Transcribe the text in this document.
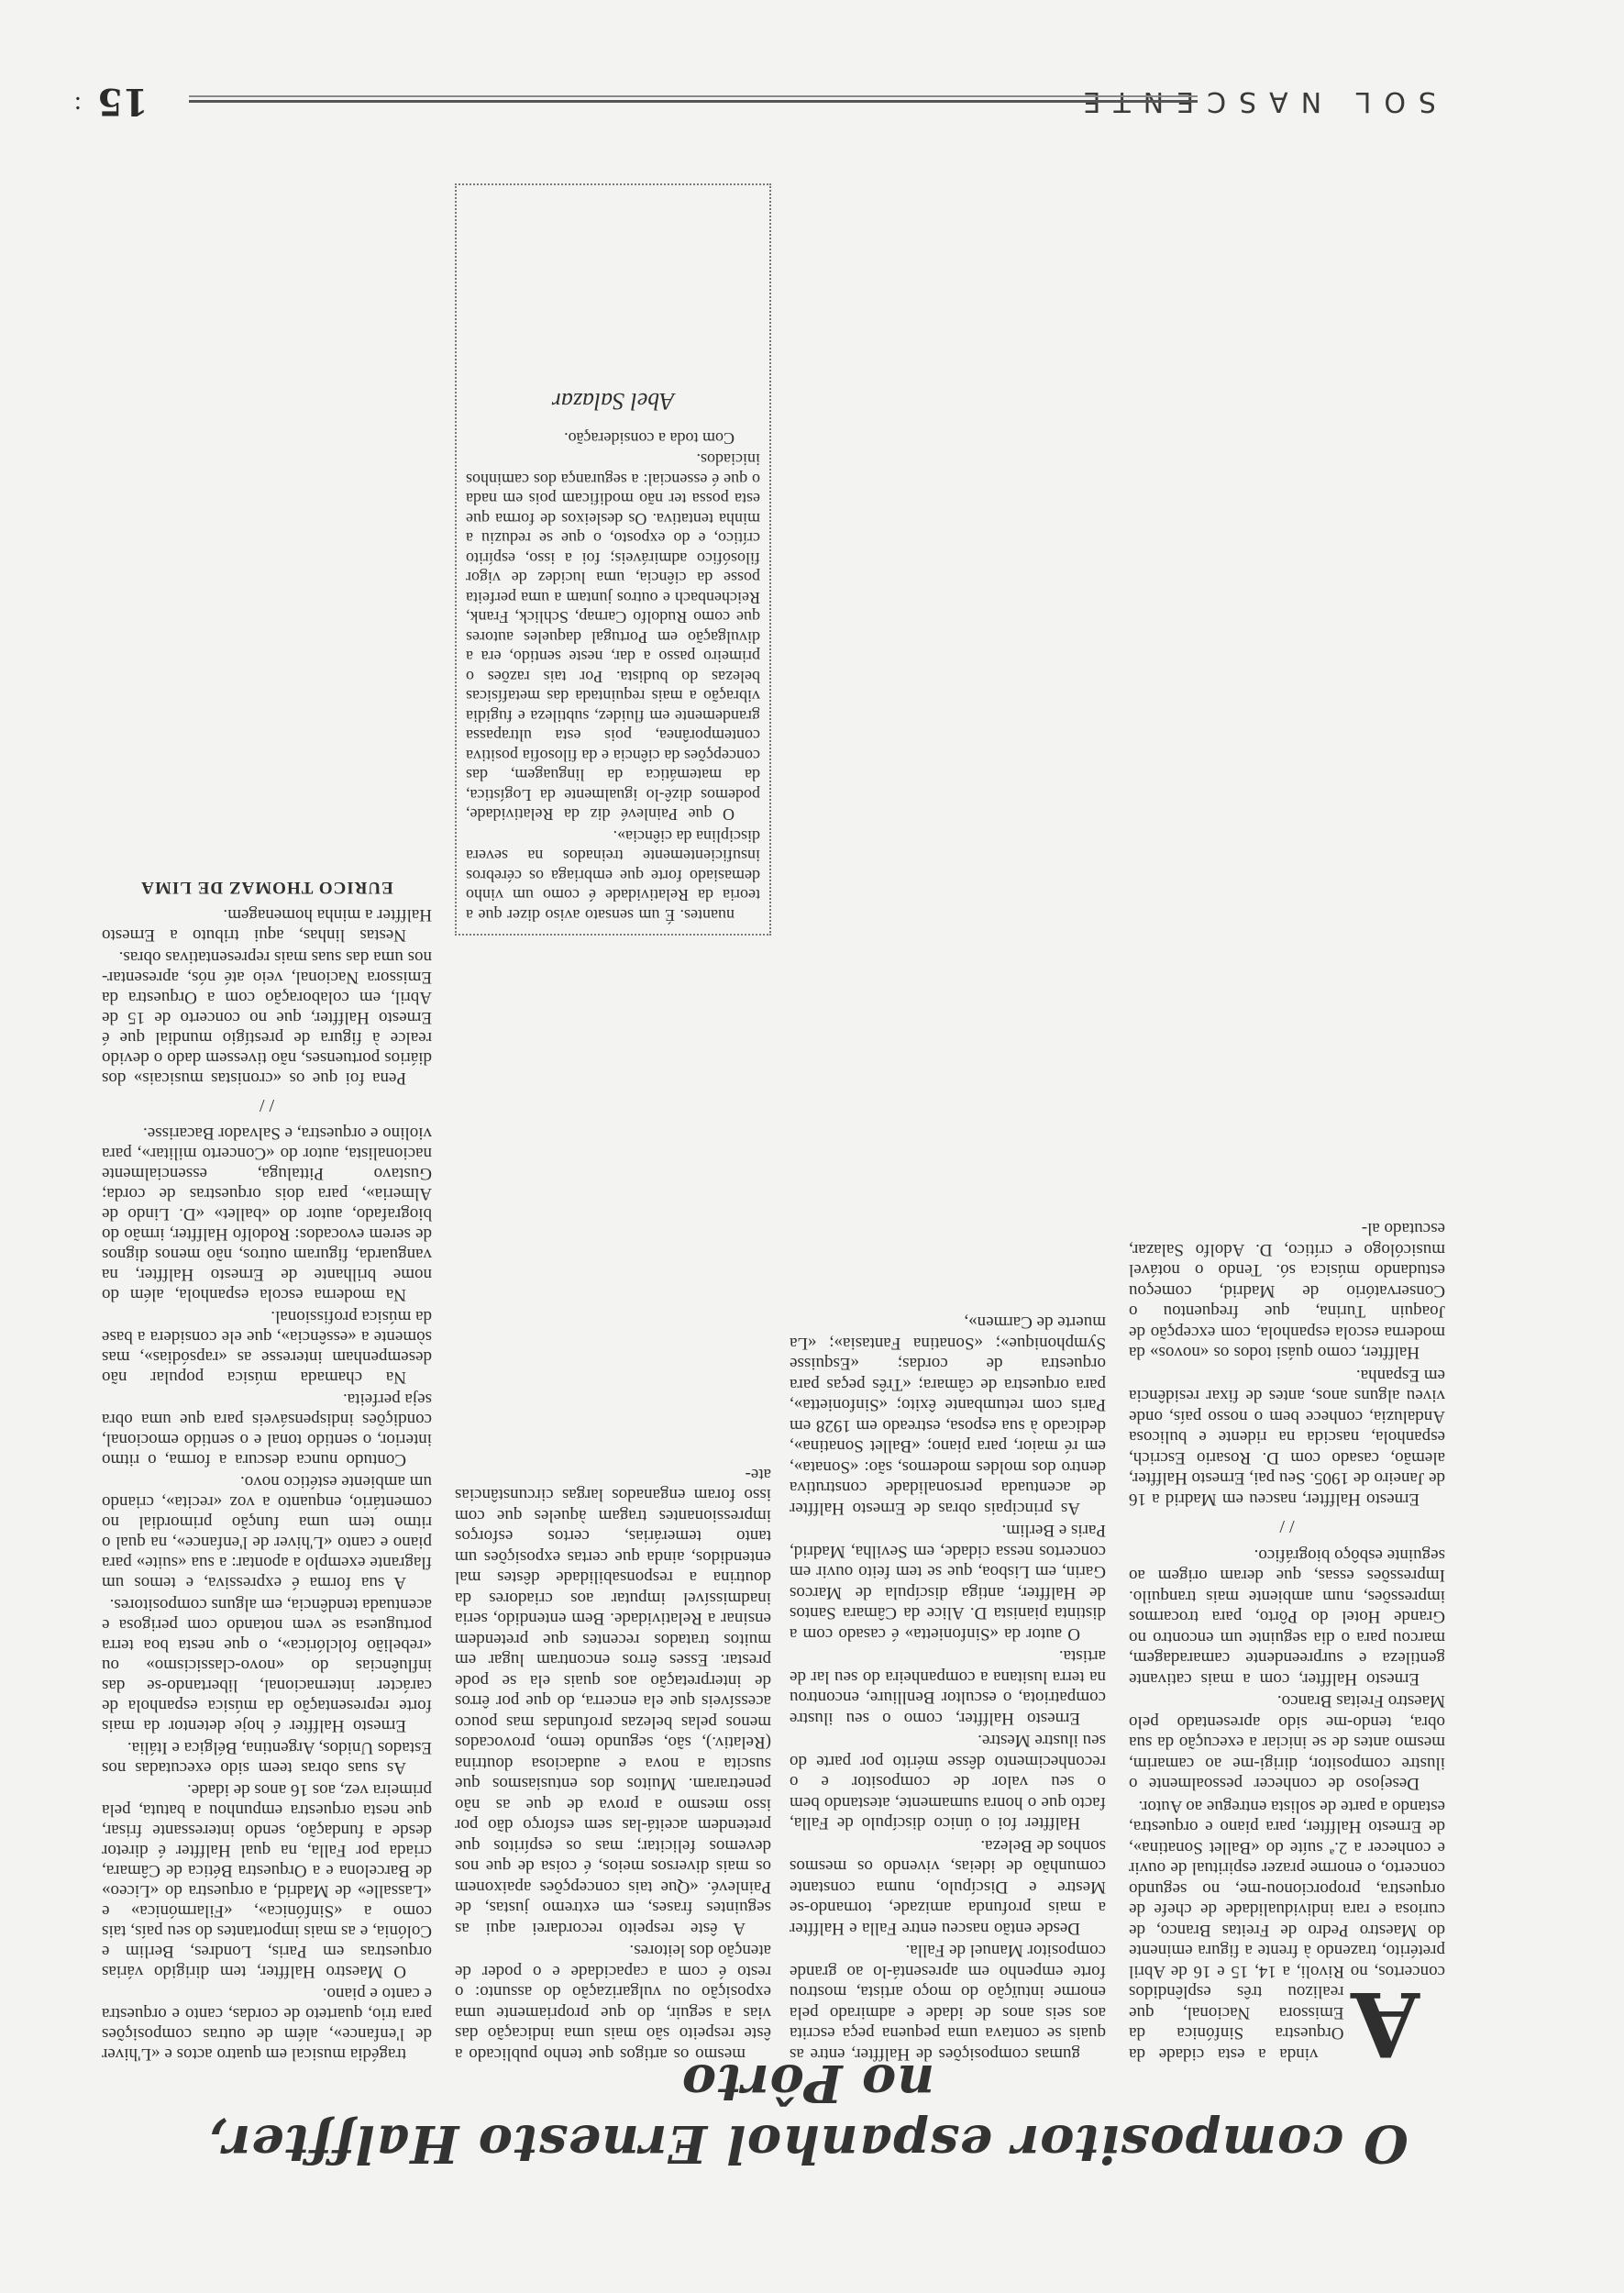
SOL NASCENTE
15
:
O compositor espanhol Ernesto Halffter, no Pôrto

A
vinda a esta cidade da Orquestra Sinfónica da Emissora Nacional, que realizou três esplêndidos concertos, no Rivoli, a 14, 15 e 16 de Abril pretérito, trazendo à frente a figura eminente do Maestro Pedro de Freitas Branco, de curiosa e rara individualidade de chefe de orquestra, proporcionou-me, no segundo concerto, o enorme prazer espiritual de ouvir e conhecer a 2.ª suíte do «Ballet Sonatina», de Ernesto Halffter, para piano e orquestra, estando a parte de solista entregue ao Autor.

Desejoso de conhecer pessoalmente o ilustre compositor, dirigi-me ao camarim, mesmo antes de se iniciar a execução da sua obra, tendo-me sido apresentado pelo Maestro Freitas Branco.

Ernesto Halffter, com a mais cativante gentileza e surpreendente camaradagem, marcou para o dia seguinte um encontro no Grande Hotel do Pôrto, para trocarmos impressões, num ambiente mais tranquilo. Impressões essas, que deram origem ao seguinte esbôço biográfico.

/ /

Ernesto Halffter, nasceu em Madrid a 16 de Janeiro de 1905. Seu pai, Ernesto Halffter, alemão, casado com D. Rosario Escrich, espanhola, nascida na ridente e bulicosa Andaluzia, conhece bem o nosso país, onde viveu alguns anos, antes de fixar residência em Espanha.

Halffter, como quási todos os «novos» da moderna escola espanhola, com excepção de Joaquin Turina, que frequentou o Conservatório de Madrid, começou estudando música só. Tendo o notável musicólogo e crítico, D. Adolfo Salazar, escutado al-

gumas composições de Halffter, entre as quais se contava uma pequena peça escrita aos seis anos de idade e admirado pela enorme intuïção do moço artista, mostrou forte empenho em apresentá-lo ao grande compositor Manuel de Falla.

Desde então nasceu entre Falla e Halffter a mais profunda amizade, tornando-se Mestre e Discípulo, numa constante comunhão de ideias, vivendo os mesmos sonhos de Beleza.

Halffter foi o único discípulo de Falla, facto que o honra sumamente, atestando bem o seu valor de compositor e o reconhecimento dêsse mérito por parte do seu ilustre Mestre.

Ernesto Halffter, como o seu ilustre compatriota, o escultor Benlliure, encontrou na terra lusitana a companheira do seu lar de artista.

O autor da «Sinfonietta» é casado com a distinta pianista D. Alice da Câmara Santos de Halffter, antiga discípula de Marcos Garin, em Lisboa, que se tem feito ouvir em concertos nessa cidade, em Sevilha, Madrid, Paris e Berlim.

As principais obras de Ernesto Halffter de acentuada personalidade construtiva dentro dos moldes modernos, são: «Sonata», em ré maior, para piano; «Ballet Sonatina», dedicado à sua esposa, estreado em 1928 em Paris com retumbante êxito; «Sinfonietta», para orquestra de câmara; «Três peças para orquestra de cordas; «Esquisse Symphonique»; «Sonatina Fantasia»; «La muerte de Carmen»,

nuantes. É um sensato aviso dizer que a teoria da Relatividade é como um vinho demasiado forte que embriaga os cérebros insuficientemente treinados na severa disciplina da ciência».

O que Painlevé diz da Relatividade, podemos dizê-lo igualmente da Logística, da matemática da linguagem, das concepções da ciência e da filosofia positiva contemporânea, pois esta ultrapassa grandemente em fluidez, subtileza e fugidia vibração a mais requintada das metafísicas belezas do budista. Por tais razões o primeiro passo a dar, neste sentido, era a divulgação em Portugal daqueles autores que como Rudolfo Carnap, Schlick, Frank, Reichenbach e outros juntam a uma perfeita posse da ciência, uma lucidez de vigor filosófico admiráveis; foi a isso, espírito crítico, e do exposto, o que se reduziu a minha tentativa. Os desleixos de forma que esta possa ter não modificam pois em nada o que é essencial: a segurança dos caminhos iniciados.

Com toda a consideração.

Abel Salazar

mesmo os artigos que tenho publicado a êste respeito são mais uma indicação das vias a seguir, do que propriamente uma exposição ou vulgarização do assunto: o resto é com a capacidade e o poder de atenção dos leitores.

A êste respeito recordarei aqui as seguintes frases, em extremo justas, de Painlevé. «Que tais concepções apaixonem os mais diversos meios, é coisa de que nos devemos felicitar; mas os espíritos que pretendem aceitá-las sem esforço dão por isso mesmo a prova de que as não penetraram. Muitos dos entusiasmos que suscita a nova e audaciosa doutrina (Relativ.), são, segundo temo, provocados menos pelas belezas profundas mas pouco acessíveis que ela encerra, do que por êrros de interpretação aos quais ela se pode prestar. Esses êrros encontram lugar em muitos tratados recentes que pretendem ensinar a Relatividade. Bem entendido, seria inadmissível imputar aos criadores da doutrina a responsabilidade dêstes mal entendidos, ainda que certas exposições um tanto temerárias, certos esforços impressionantes tragam àqueles que com isso foram enganados largas circunstâncias ate-

tragédia musical em quatro actos e «L'hiver de l'enfance», além de outras composições para trio, quarteto de cordas, canto e orquestra e canto e piano.

O Maestro Halffter, tem dirigido várias orquestras em Paris, Londres, Berlim e Colónia, e as mais importantes do seu país, tais como a «Sinfónica», «Filarmónica» e «Lassalle» de Madrid, a orquestra do «Liceo» de Barcelona e a Orquestra Bética de Câmara, criada por Falla, na qual Halffter é diretor desde a fundação, sendo interessante frisar, que nesta orquestra empunhou a batuta, pela primeira vez, aos 16 anos de idade.

As suas obras teem sido executadas nos Estados Unidos, Argentina, Bélgica e Itália.

Ernesto Halffter é hoje detentor da mais forte representação da música espanhola de carácter internacional, libertando-se das influências do «novo-classicismo» ou «rebelião folclórica», o que nesta boa terra portuguesa se vem notando com perigosa e acentuada tendência, em alguns compositores.

A sua forma é expressiva, e temos um flagrante exemplo a apontar: a sua «suite» para piano e canto «L'hiver de l'enfance», na qual o ritmo tem uma função primordial no comentário, enquanto a voz «recita», criando um ambiente estético novo.

Contudo nunca descura a forma, o ritmo interior, o sentido tonal e o sentido emocional, condições indispensáveis para que uma obra seja perfeita.

Na chamada música popular não desempenham interesse as «rapsódias», mas sòmente a «essência», que ele considera a base da música profissional.

Na moderna escola espanhola, além do nome brilhante de Ernesto Halffter, na vanguarda, figuram outros, não menos dignos de serem evocados: Rodolfo Halffter, irmão do biografado, autor do «ballet» «D. Lindo de Almeria», para dois orquestras de corda; Gustavo Pittaluga, essencialmente nacionalista, autor do «Concerto militar», para violino e orquestra, e Salvador Bacarisse.

/ /

Pena foi que os «cronistas musicais» dos diários portuenses, não tivessem dado o devido realce à figura de prestígio mundial que é Ernesto Halffter, que no concerto de 15 de Abril, em colaboração com a Orquestra da Emissora Nacional, veio até nós, apresentar-nos uma das suas mais representativas obras.

Nestas linhas, aqui tributo a Ernesto Halffter a minha homenagem.

EURICO THOMAZ DE LIMA
